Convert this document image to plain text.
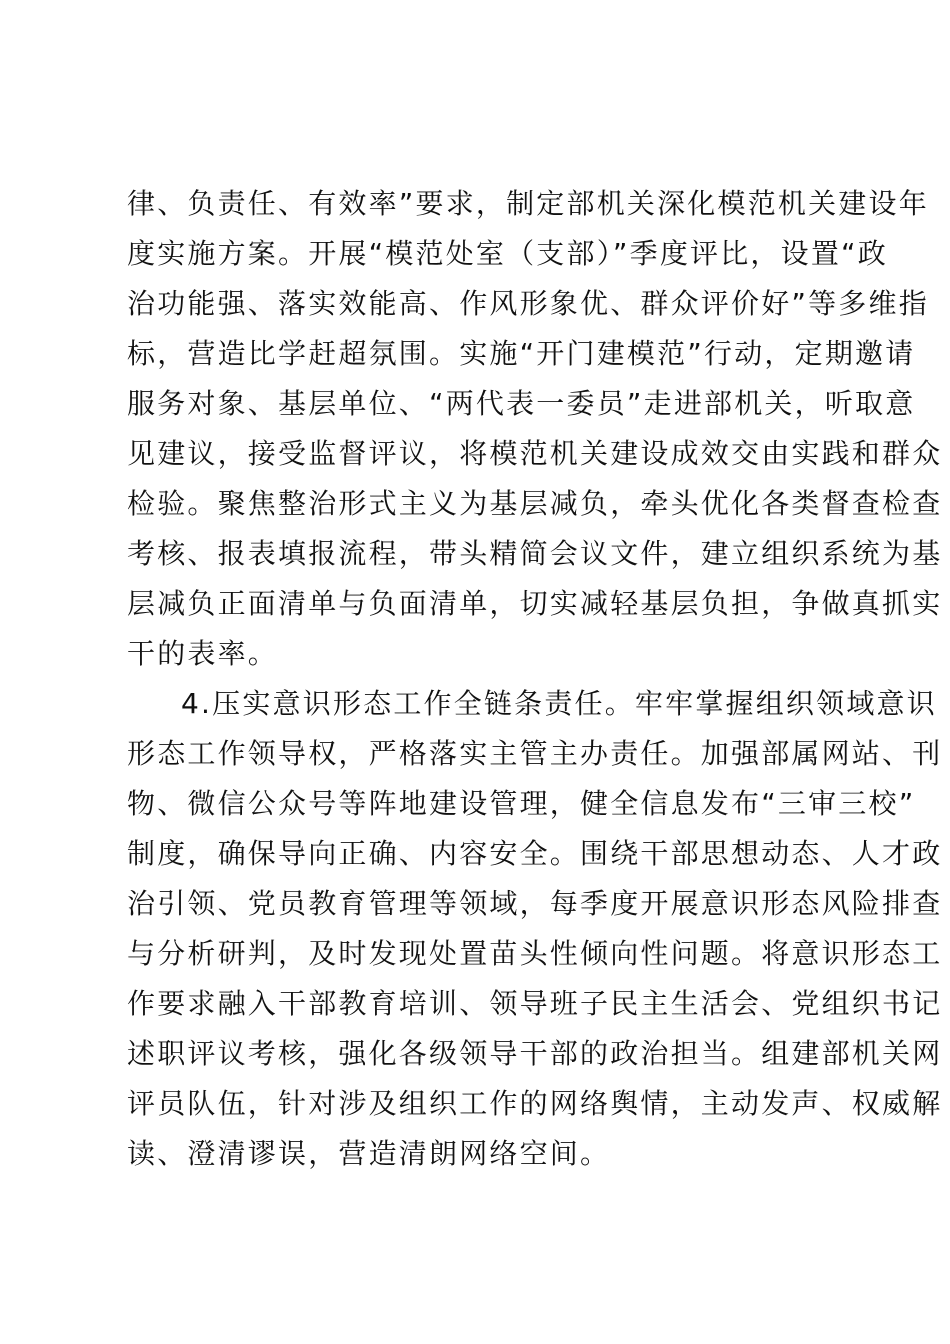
律、负责任、有效率”要求，制定部机关深化模范机关建设年
度实施方案。开展“模范处室（支部）”季度评比，设置“政
治功能强、落实效能高、作风形象优、群众评价好”等多维指
标，营造比学赶超氛围。实施“开门建模范”行动，定期邀请
服务对象、基层单位、“两代表一委员”走进部机关，听取意
见建议，接受监督评议，将模范机关建设成效交由实践和群众
检验。聚焦整治形式主义为基层减负，牵头优化各类督查检查
考核、报表填报流程，带头精简会议文件，建立组织系统为基
层减负正面清单与负面清单，切实减轻基层负担，争做真抓实
干的表率。
4.压实意识形态工作全链条责任。牢牢掌握组织领域意识
形态工作领导权，严格落实主管主办责任。加强部属网站、刊
物、微信公众号等阵地建设管理，健全信息发布“三审三校”
制度，确保导向正确、内容安全。围绕干部思想动态、人才政
治引领、党员教育管理等领域，每季度开展意识形态风险排查
与分析研判，及时发现处置苗头性倾向性问题。将意识形态工
作要求融入干部教育培训、领导班子民主生活会、党组织书记
述职评议考核，强化各级领导干部的政治担当。组建部机关网
评员队伍，针对涉及组织工作的网络舆情，主动发声、权威解
读、澄清谬误，营造清朗网络空间。
